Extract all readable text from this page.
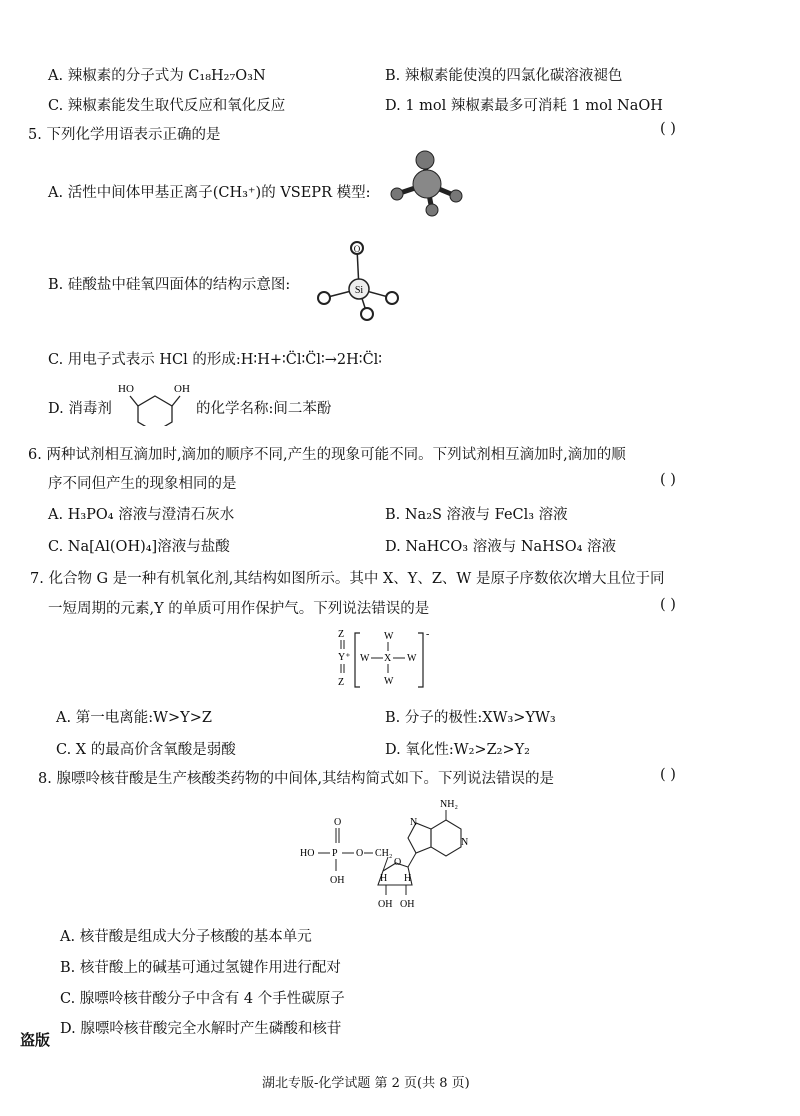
A. 辣椒素的分子式为 C₁₈H₂₇O₃N	B. 辣椒素能使溴的四氯化碳溶液褪色
C. 辣椒素能发生取代反应和氧化反应	D. 1 mol 辣椒素最多可消耗 1 mol NaOH
5. 下列化学用语表示正确的是	( )
A. 活性中间体甲基正离子(CH₃⁺)的 VSEPR 模型:
B. 硅酸盐中硅氧四面体的结构示意图:	Si
O
C. 用电子式表示 HCl 的形成:H∶H+∶C̈l∶C̈l∶→2H∶C̈l∶
D. 消毒剂
HO	OH
的化学名称:间二苯酚
6. 两种试剂相互滴加时,滴加的顺序不同,产生的现象可能不同。下列试剂相互滴加时,滴加的顺
序不同但产生的现象相同的是	( )
A. H₃PO₄ 溶液与澄清石灰水	B. Na₂S 溶液与 FeCl₃ 溶液
C. Na[Al(OH)₄]溶液与盐酸	D. NaHCO₃ 溶液与 NaHSO₄ 溶液
7. 化合物 G 是一种有机氧化剂,其结构如图所示。其中 X、Y、Z、W 是原子序数依次增大且位于同
一短周期的元素,Y 的单质可用作保护气。下列说法错误的是	( )
Z
Y⁺
Z
-
W
W X W
W
A. 第一电离能:W>Y>Z	B. 分子的极性:XW₃>YW₃
C. X 的最高价含氧酸是弱酸	D. 氧化性:W₂>Z₂>Y₂
8. 腺嘌呤核苷酸是生产核酸类药物的中间体,其结构简式如下。下列说法错误的是	( )
NH₂
N
N
O
HO P O CH₂
OH
O
H H
OH OH
A. 核苷酸是组成大分子核酸的基本单元
B. 核苷酸上的碱基可通过氢键作用进行配对
C. 腺嘌呤核苷酸分子中含有 4 个手性碳原子
D. 腺嘌呤核苷酸完全水解时产生磷酸和核苷
盗版
湖北专版-化学试题 第 2 页(共 8 页)
